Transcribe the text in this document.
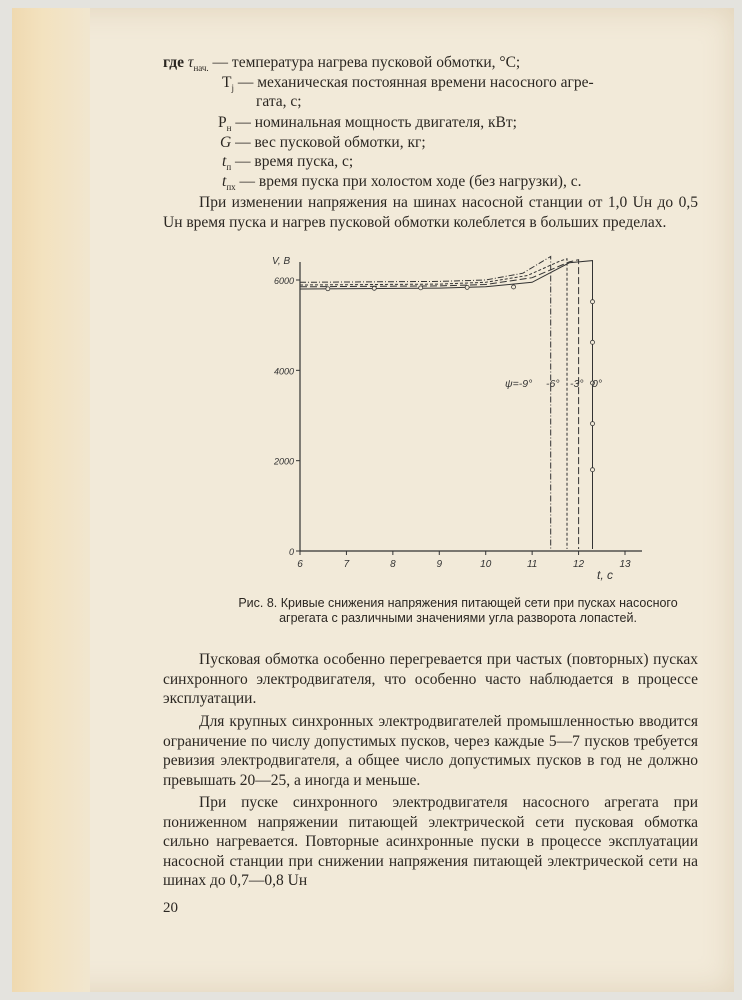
где $\tau_{нач.}$ — температура нагрева пусковой обмотки, °С;
$T_j$ — механическая постоянная времени насосного агре-
гата, с;
$P_н$ — номинальная мощность двигателя, кВт;
G — вес пусковой обмотки, кг;
$t_п$ — время пуска, с;
$t_{пх}$ — время пуска при холостом ходе (без нагрузки), с.
При изменении напряжения на шинах насосной станции от 1,0 Uн до 0,5 Uн время пуска и нагрев пусковой обмотки колеблется в больших пределах.
t, c
V, B
6	7	8	9	10	11	12	13
0
2000
4000
6000
ψ=-9° -6° -3° 0°
Рис. 8. Кривые снижения напряжения питающей сети при пусках насосного агрегата с различными значениями угла разворота лопастей.
Пусковая обмотка особенно перегревается при частых (повторных) пусках синхронного электродвигателя, что особенно часто наблюдается в процессе эксплуатации.
Для крупных синхронных электродвигателей промышленностью вводится ограничение по числу допустимых пусков, через каждые 5—7 пусков требуется ревизия электродвигателя, а общее число допустимых пусков в год не должно превышать 20—25, а иногда и меньше.
При пуске синхронного электродвигателя насосного агрегата при пониженном напряжении питающей электрической сети пусковая обмотка сильно нагревается. Повторные асинхронные пуски в процессе эксплуатации насосной станции при снижении напряжения питающей электрической сети на шинах до 0,7—0,8 Uн
20
